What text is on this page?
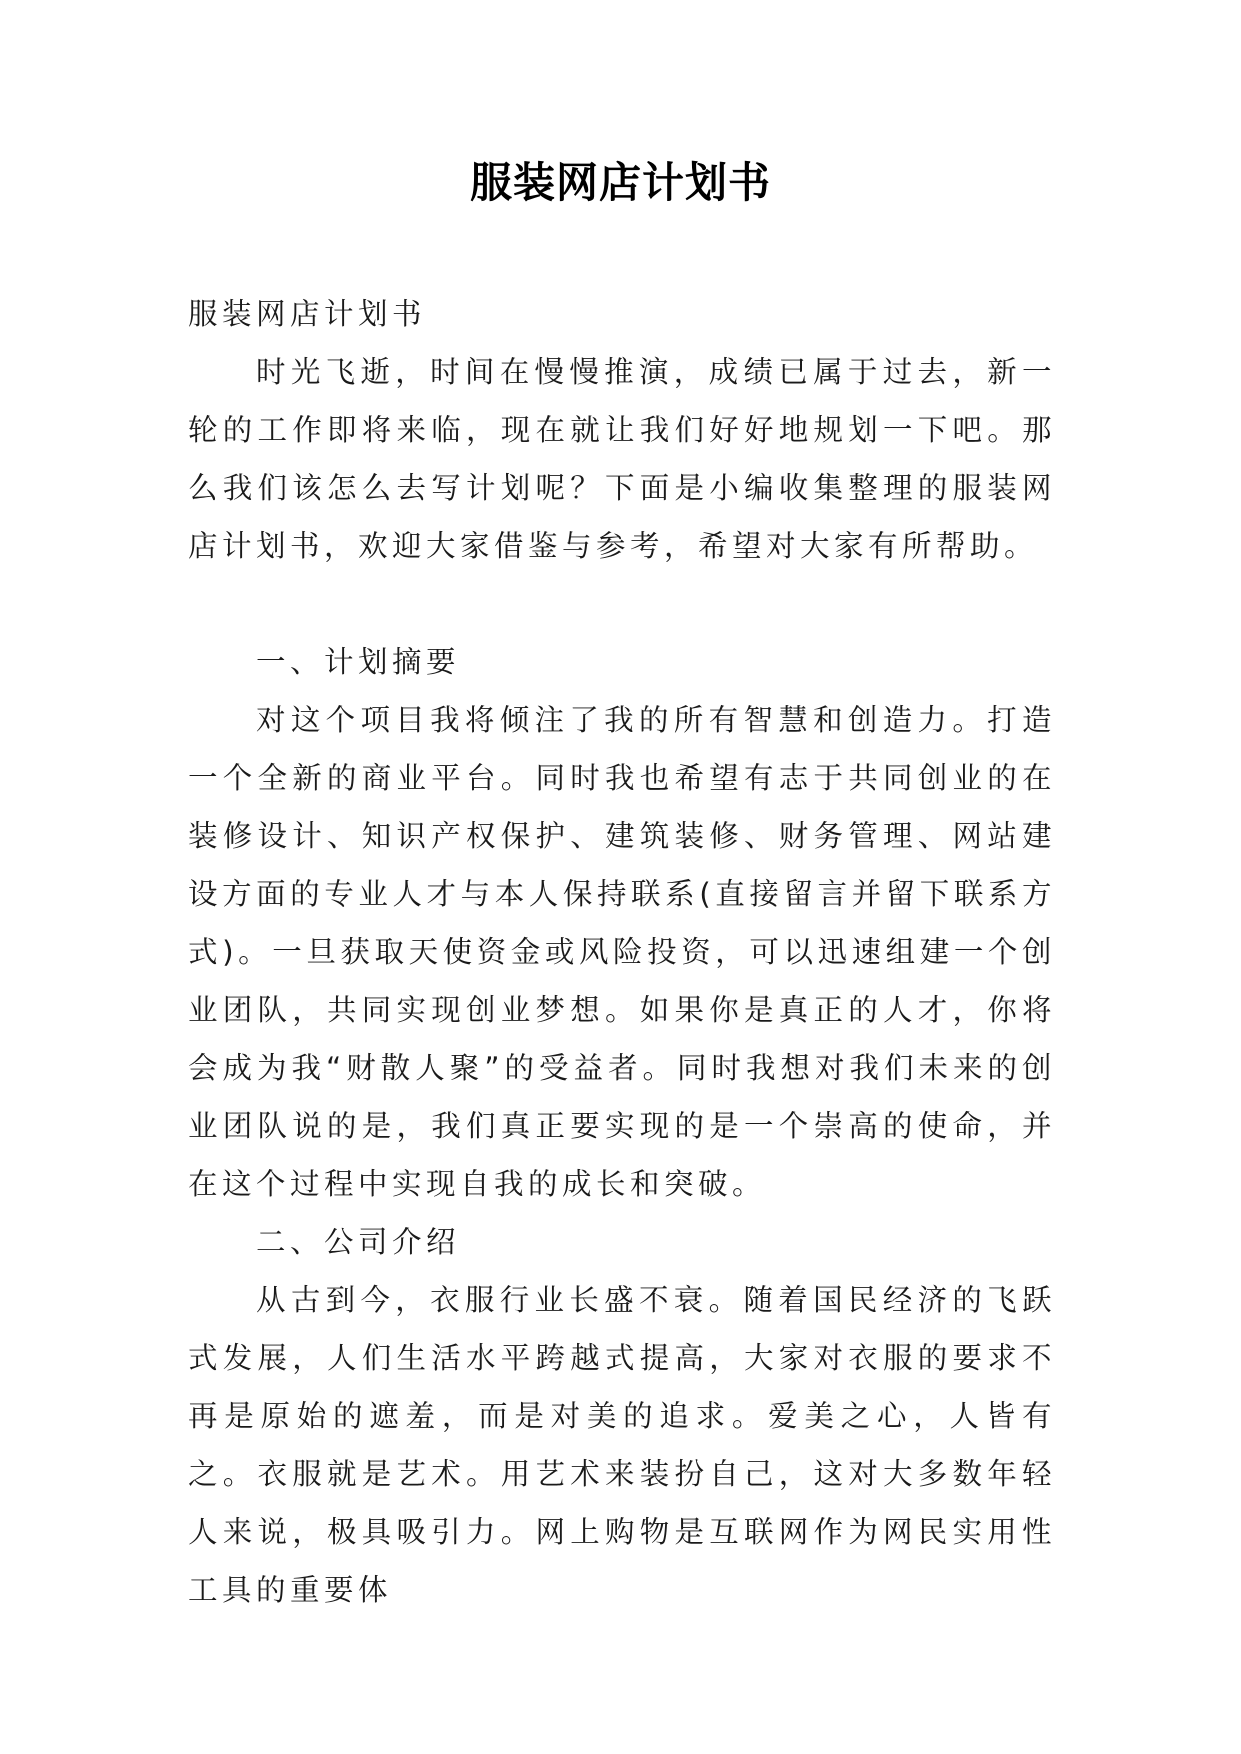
服装网店计划书

服装网店计划书

时光飞逝，时间在慢慢推演，成绩已属于过去，新一轮的工作即将来临，现在就让我们好好地规划一下吧。那么我们该怎么去写计划呢？下面是小编收集整理的服装网店计划书，欢迎大家借鉴与参考，希望对大家有所帮助。

一、计划摘要

对这个项目我将倾注了我的所有智慧和创造力。打造一个全新的商业平台。同时我也希望有志于共同创业的在装修设计、知识产权保护、建筑装修、财务管理、网站建设方面的专业人才与本人保持联系(直接留言并留下联系方式)。一旦获取天使资金或风险投资，可以迅速组建一个创业团队，共同实现创业梦想。如果你是真正的人才，你将会成为我“财散人聚”的受益者。同时我想对我们未来的创业团队说的是，我们真正要实现的是一个崇高的使命，并在这个过程中实现自我的成长和突破。

二、公司介绍

从古到今，衣服行业长盛不衰。随着国民经济的飞跃式发展，人们生活水平跨越式提高，大家对衣服的要求不再是原始的遮羞，而是对美的追求。爱美之心，人皆有之。衣服就是艺术。用艺术来装扮自己，这对大多数年轻人来说，极具吸引力。网上购物是互联网作为网民实用性工具的重要体
